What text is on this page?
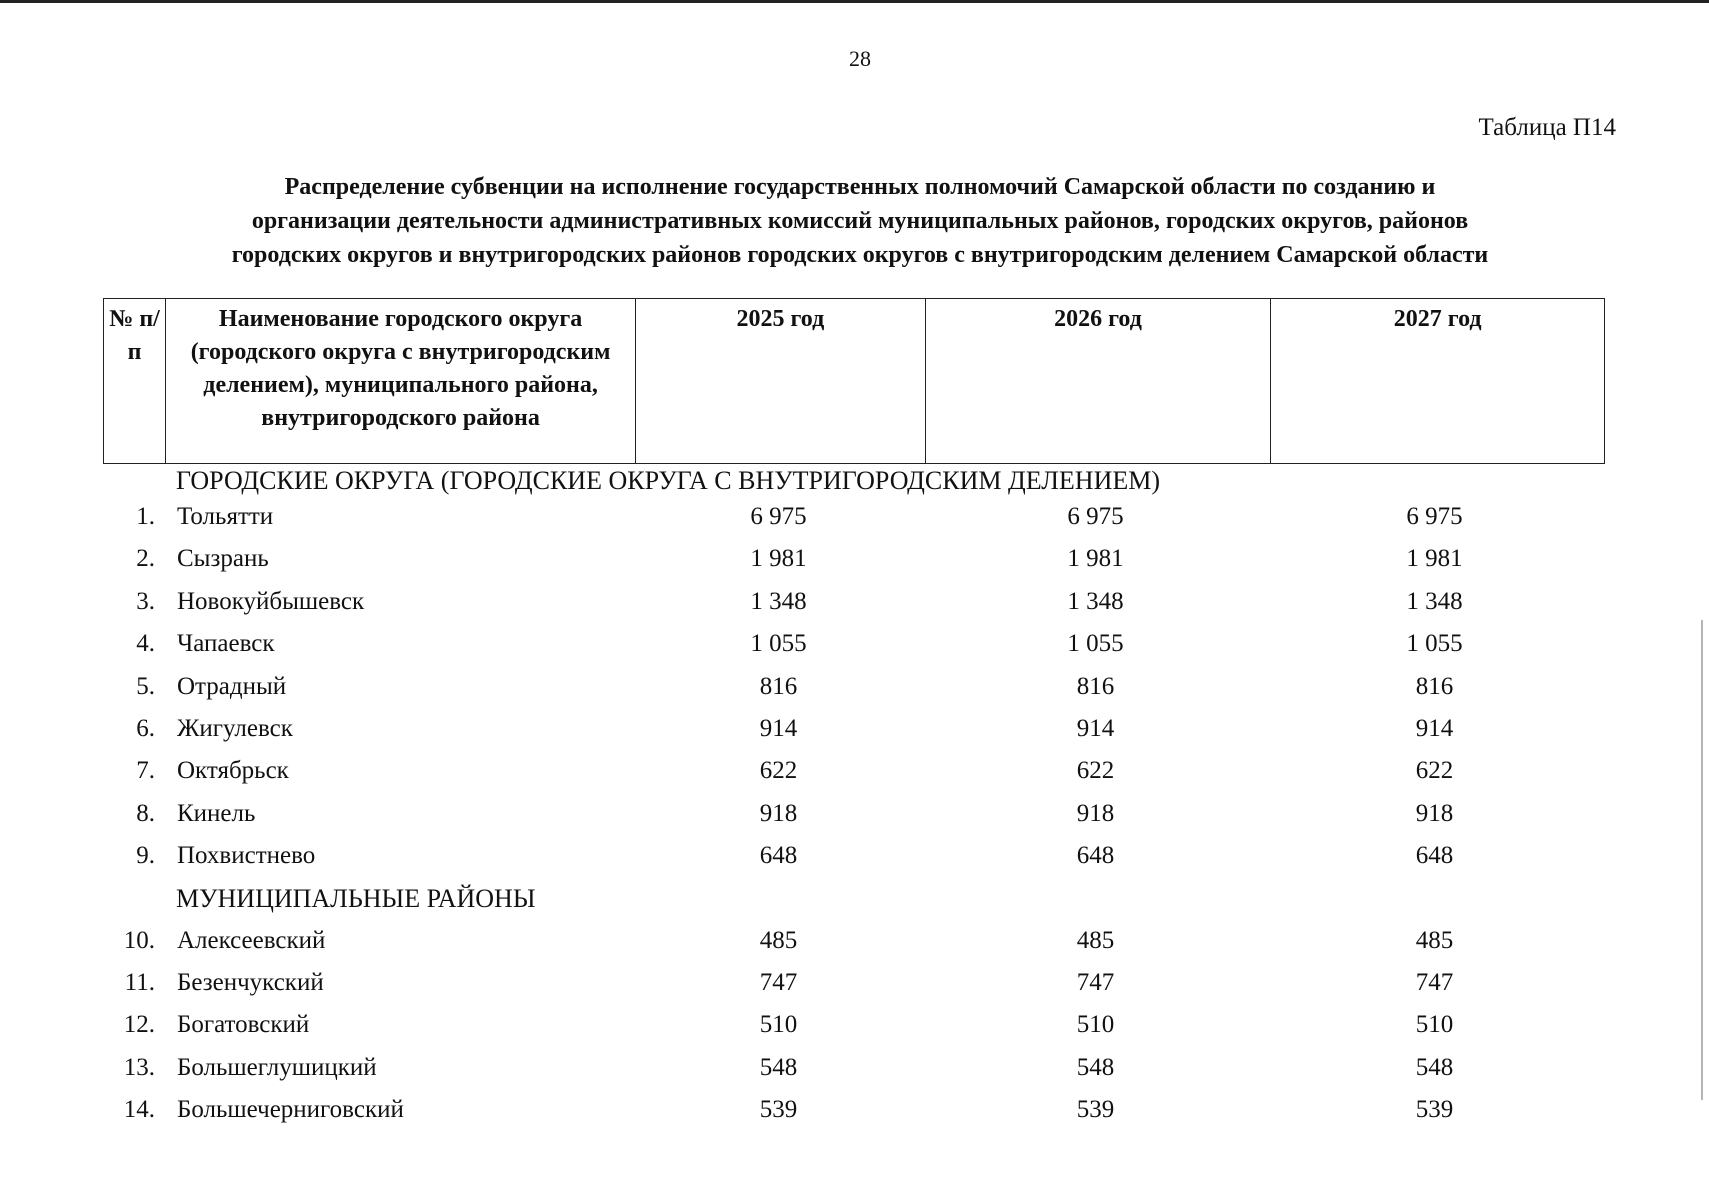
28
Таблица П14
Распределение субвенции на исполнение государственных полномочий Самарской области по созданию и
организации деятельности административных комиссий муниципальных районов, городских округов, районов
городских округов и внутригородских районов городских округов с внутригородским делением Самарской области
№ п/п	Наименование городского округа (городского округа с внутригородским делением), муниципального района, внутригородского района	2025 год	2026 год	2027 год
ГОРОДСКИЕ ОКРУГА (ГОРОДСКИЕ ОКРУГА С ВНУТРИГОРОДСКИМ ДЕЛЕНИЕМ)
1. Тольятти	6 975	6 975	6 975
2. Сызрань	1 981	1 981	1 981
3. Новокуйбышевск	1 348	1 348	1 348
4. Чапаевск	1 055	1 055	1 055
5. Отрадный	816	816	816
6. Жигулевск	914	914	914
7. Октябрьск	622	622	622
8. Кинель	918	918	918
9. Похвистнево	648	648	648
МУНИЦИПАЛЬНЫЕ РАЙОНЫ
10. Алексеевский	485	485	485
11. Безенчукский	747	747	747
12. Богатовский	510	510	510
13. Большеглушицкий	548	548	548
14. Большечерниговский	539	539	539
